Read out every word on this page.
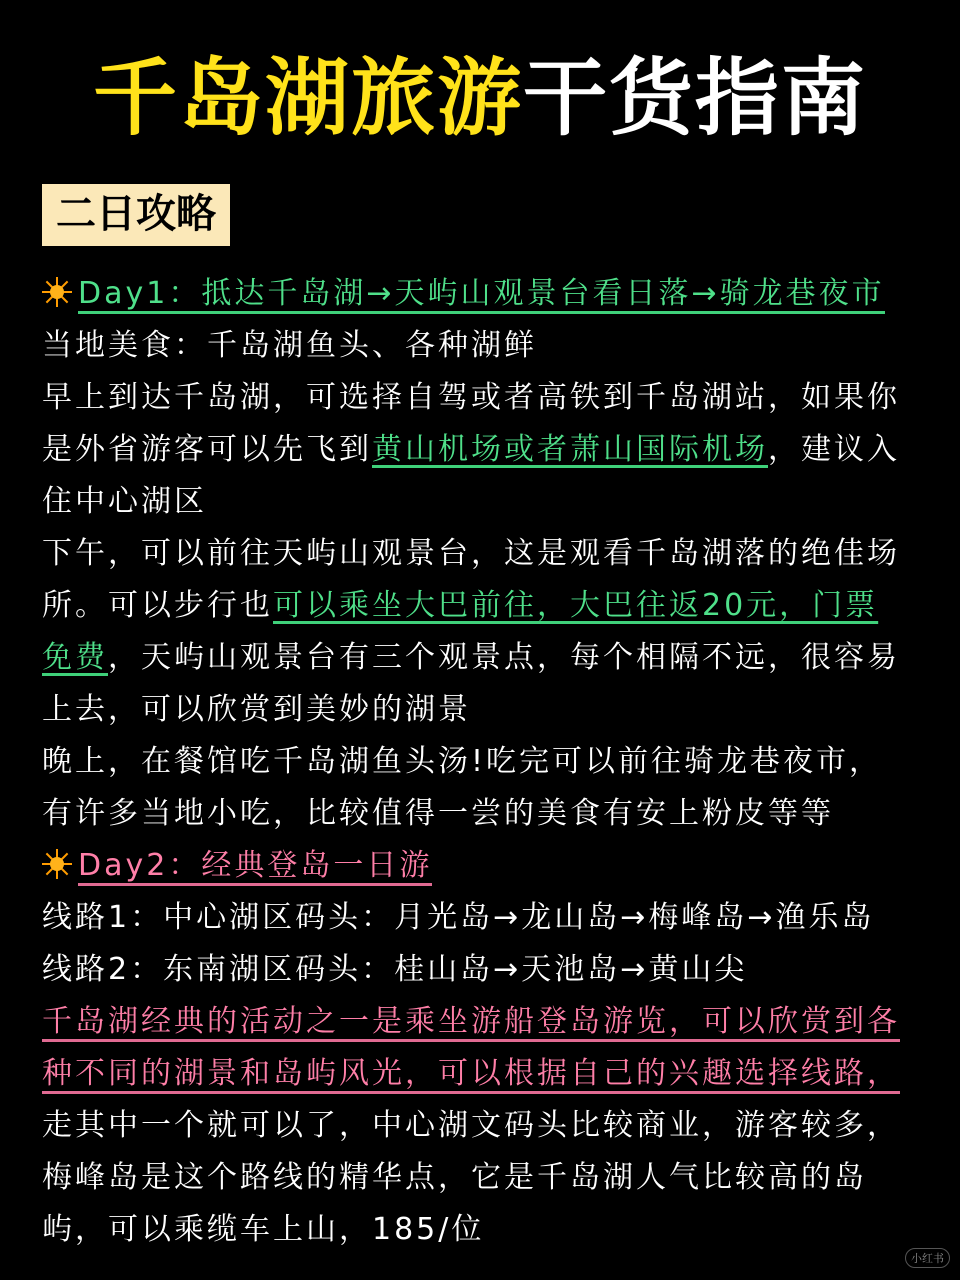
千岛湖旅游干货指南
二日攻略
Day1：抵达千岛湖→天屿山观景台看日落→骑龙巷夜市
当地美食：千岛湖鱼头、各种湖鲜
早上到达千岛湖，可选择自驾或者高铁到千岛湖站，如果你
是外省游客可以先飞到黄山机场或者萧山国际机场，建议入
住中心湖区
下午，可以前往天屿山观景台，这是观看千岛湖落的绝佳场
所。可以步行也可以乘坐大巴前往，大巴往返20元，门票
免费，天屿山观景台有三个观景点，每个相隔不远，很容易
上去，可以欣赏到美妙的湖景
晚上，在餐馆吃千岛湖鱼头汤!吃完可以前往骑龙巷夜市，
有许多当地小吃，比较值得一尝的美食有安上粉皮等等
Day2：经典登岛一日游
线路1：中心湖区码头：月光岛→龙山岛→梅峰岛→渔乐岛
线路2：东南湖区码头：桂山岛→天池岛→黄山尖
千岛湖经典的活动之一是乘坐游船登岛游览，可以欣赏到各
种不同的湖景和岛屿风光，可以根据自己的兴趣选择线路，
走其中一个就可以了，中心湖文码头比较商业，游客较多，
梅峰岛是这个路线的精华点，它是千岛湖人气比较高的岛
屿，可以乘缆车上山，185/位
小红书
